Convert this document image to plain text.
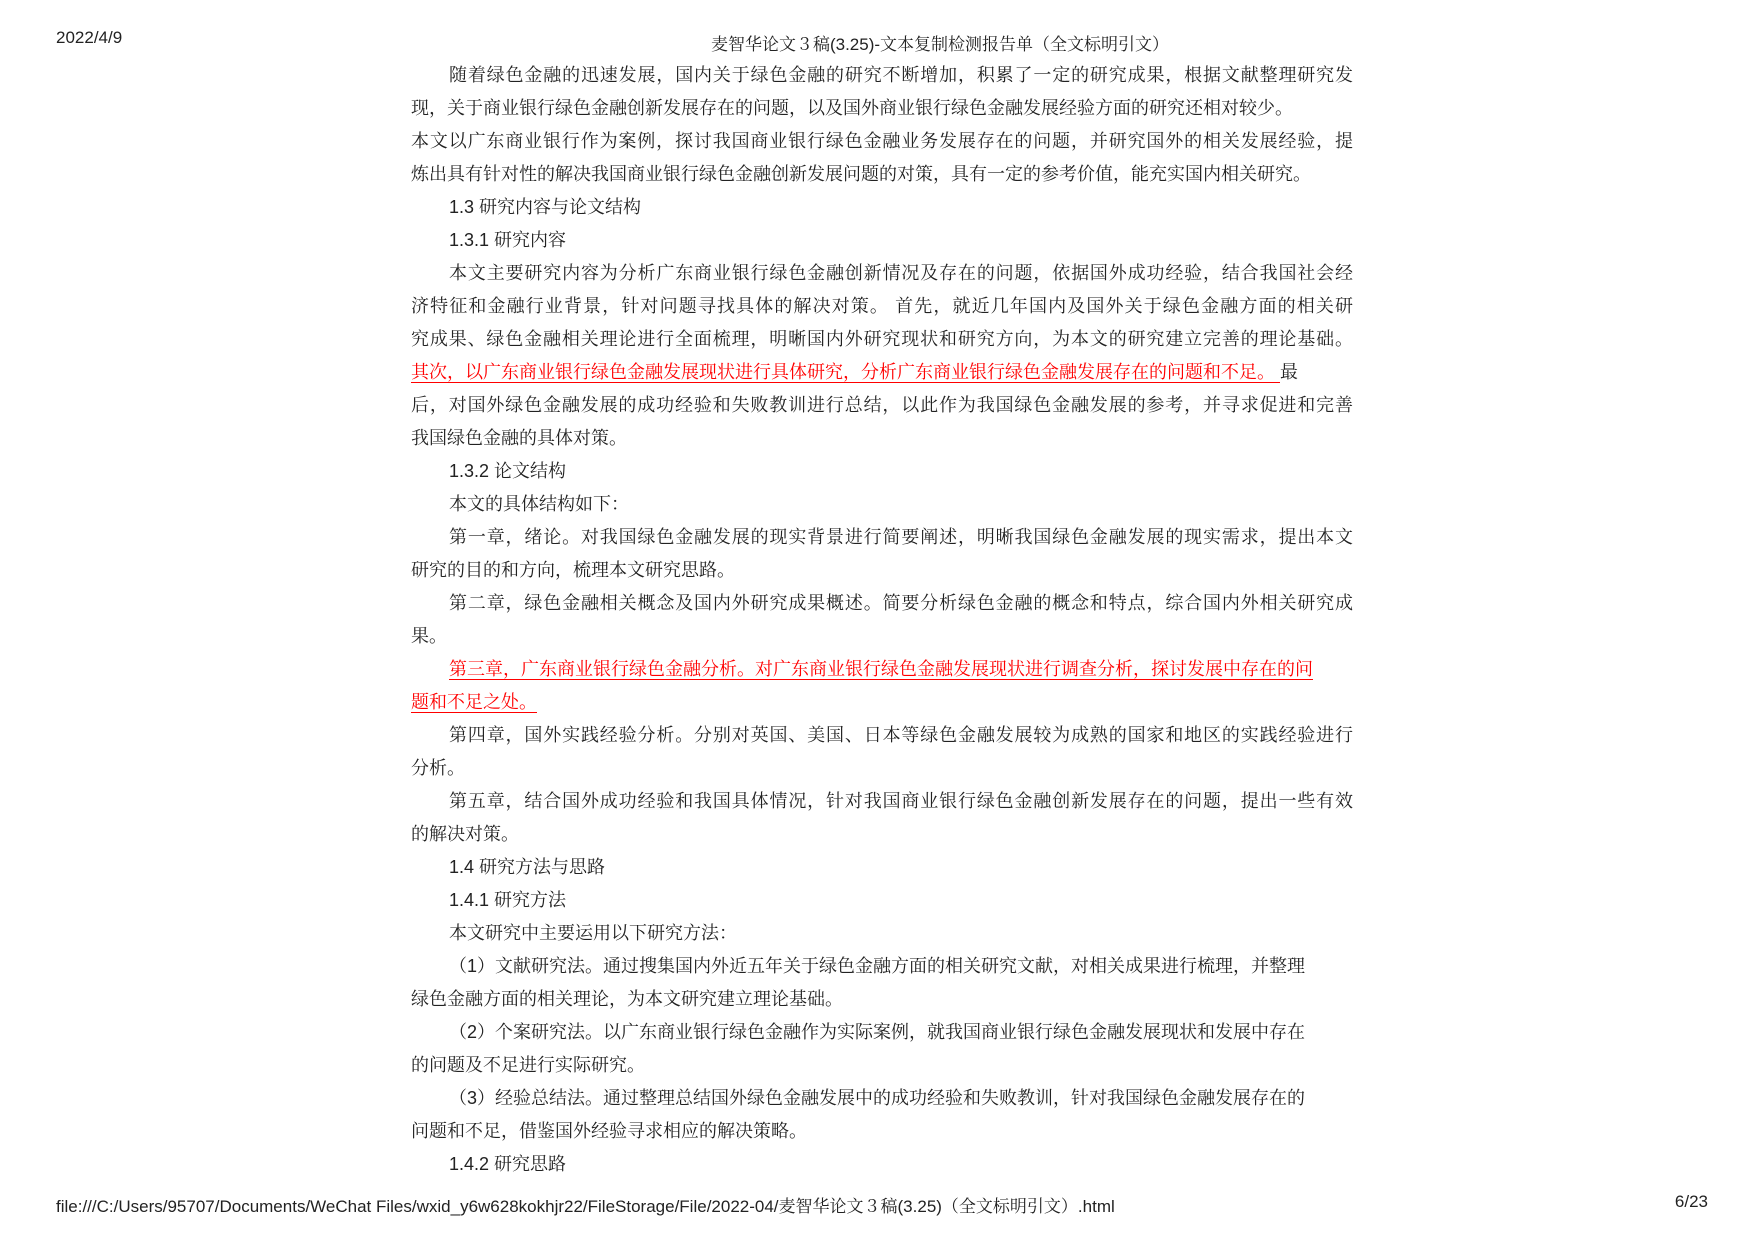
2022/4/9	麦智华论文３稿(3.25)-文本复制检测报告单（全文标明引文）
随着绿色金融的迅速发展，国内关于绿色金融的研究不断增加，积累了一定的研究成果，根据文献整理研究发
现，关于商业银行绿色金融创新发展存在的问题，以及国外商业银行绿色金融发展经验方面的研究还相对较少。
本文以广东商业银行作为案例，探讨我国商业银行绿色金融业务发展存在的问题，并研究国外的相关发展经验，提
炼出具有针对性的解决我国商业银行绿色金融创新发展问题的对策，具有一定的参考价值，能充实国内相关研究。
1.3 研究内容与论文结构
1.3.1 研究内容
本文主要研究内容为分析广东商业银行绿色金融创新情况及存在的问题，依据国外成功经验，结合我国社会经
济特征和金融行业背景，针对问题寻找具体的解决对策。 首先，就近几年国内及国外关于绿色金融方面的相关研
究成果、绿色金融相关理论进行全面梳理，明晰国内外研究现状和研究方向，为本文的研究建立完善的理论基础。
其次，以广东商业银行绿色金融发展现状进行具体研究，分析广东商业银行绿色金融发展存在的问题和不足。 最
后，对国外绿色金融发展的成功经验和失败教训进行总结，以此作为我国绿色金融发展的参考，并寻求促进和完善
我国绿色金融的具体对策。
1.3.2 论文结构
本文的具体结构如下：
第一章，绪论。对我国绿色金融发展的现实背景进行简要阐述，明晰我国绿色金融发展的现实需求，提出本文
研究的目的和方向，梳理本文研究思路。
第二章，绿色金融相关概念及国内外研究成果概述。简要分析绿色金融的概念和特点，综合国内外相关研究成
果。
第三章，广东商业银行绿色金融分析。对广东商业银行绿色金融发展现状进行调查分析，探讨发展中存在的问
题和不足之处。
第四章，国外实践经验分析。分别对英国、美国、日本等绿色金融发展较为成熟的国家和地区的实践经验进行
分析。
第五章，结合国外成功经验和我国具体情况，针对我国商业银行绿色金融创新发展存在的问题，提出一些有效
的解决对策。
1.4 研究方法与思路
1.4.1 研究方法
本文研究中主要运用以下研究方法：
（1）文献研究法。通过搜集国内外近五年关于绿色金融方面的相关研究文献，对相关成果进行梳理，并整理
绿色金融方面的相关理论，为本文研究建立理论基础。
（2）个案研究法。以广东商业银行绿色金融作为实际案例，就我国商业银行绿色金融发展现状和发展中存在
的问题及不足进行实际研究。
（3）经验总结法。通过整理总结国外绿色金融发展中的成功经验和失败教训，针对我国绿色金融发展存在的
问题和不足，借鉴国外经验寻求相应的解决策略。
1.4.2 研究思路
file:///C:/Users/95707/Documents/WeChat Files/wxid_y6w628kokhjr22/FileStorage/File/2022-04/麦智华论文３稿(3.25)（全文标明引文）.html	6/23
